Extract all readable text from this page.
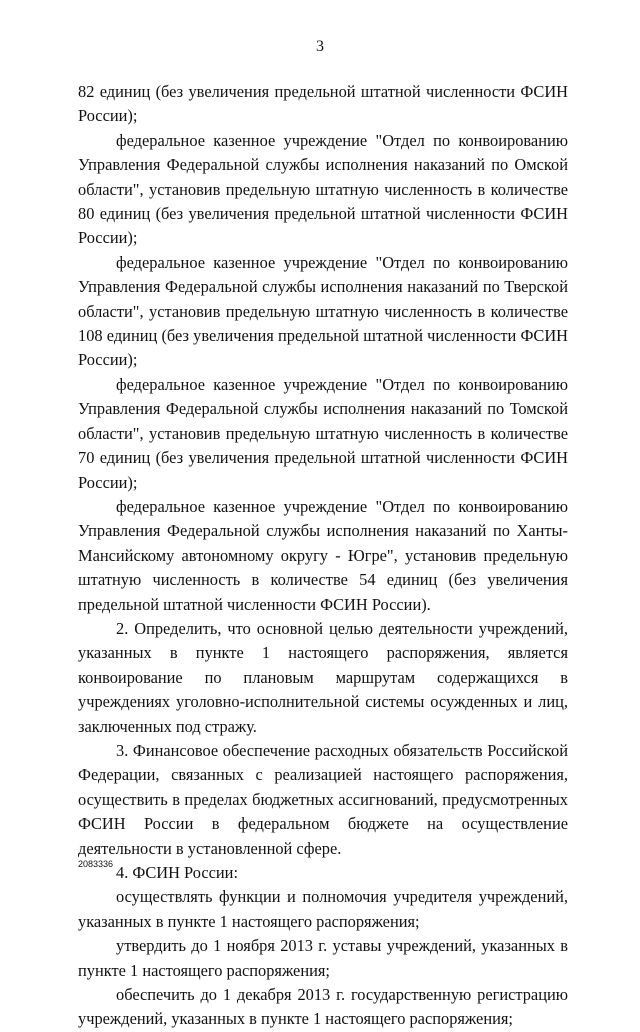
3

82 единиц (без увеличения предельной штатной численности ФСИН России);

федеральное казенное учреждение "Отдел по конвоированию Управления Федеральной службы исполнения наказаний по Омской области", установив предельную штатную численность в количестве 80 единиц (без увеличения предельной штатной численности ФСИН России);

федеральное казенное учреждение "Отдел по конвоированию Управления Федеральной службы исполнения наказаний по Тверской области", установив предельную штатную численность в количестве 108 единиц (без увеличения предельной штатной численности ФСИН России);

федеральное казенное учреждение "Отдел по конвоированию Управления Федеральной службы исполнения наказаний по Томской области", установив предельную штатную численность в количестве 70 единиц (без увеличения предельной штатной численности ФСИН России);

федеральное казенное учреждение "Отдел по конвоированию Управления Федеральной службы исполнения наказаний по Ханты-Мансийскому автономному округу - Югре", установив предельную штатную численность в количестве 54 единиц (без увеличения предельной штатной численности ФСИН России).

2. Определить, что основной целью деятельности учреждений, указанных в пункте 1 настоящего распоряжения, является конвоирование по плановым маршрутам содержащихся в учреждениях уголовно-исполнительной системы осужденных и лиц, заключенных под стражу.

3. Финансовое обеспечение расходных обязательств Российской Федерации, связанных с реализацией настоящего распоряжения, осуществить в пределах бюджетных ассигнований, предусмотренных ФСИН России в федеральном бюджете на осуществление деятельности в установленной сфере.

4. ФСИН России:

осуществлять функции и полномочия учредителя учреждений, указанных в пункте 1 настоящего распоряжения;

утвердить до 1 ноября 2013 г. уставы учреждений, указанных в пункте 1 настоящего распоряжения;

обеспечить до 1 декабря 2013 г. государственную регистрацию учреждений, указанных в пункте 1 настоящего распоряжения;

2083336
